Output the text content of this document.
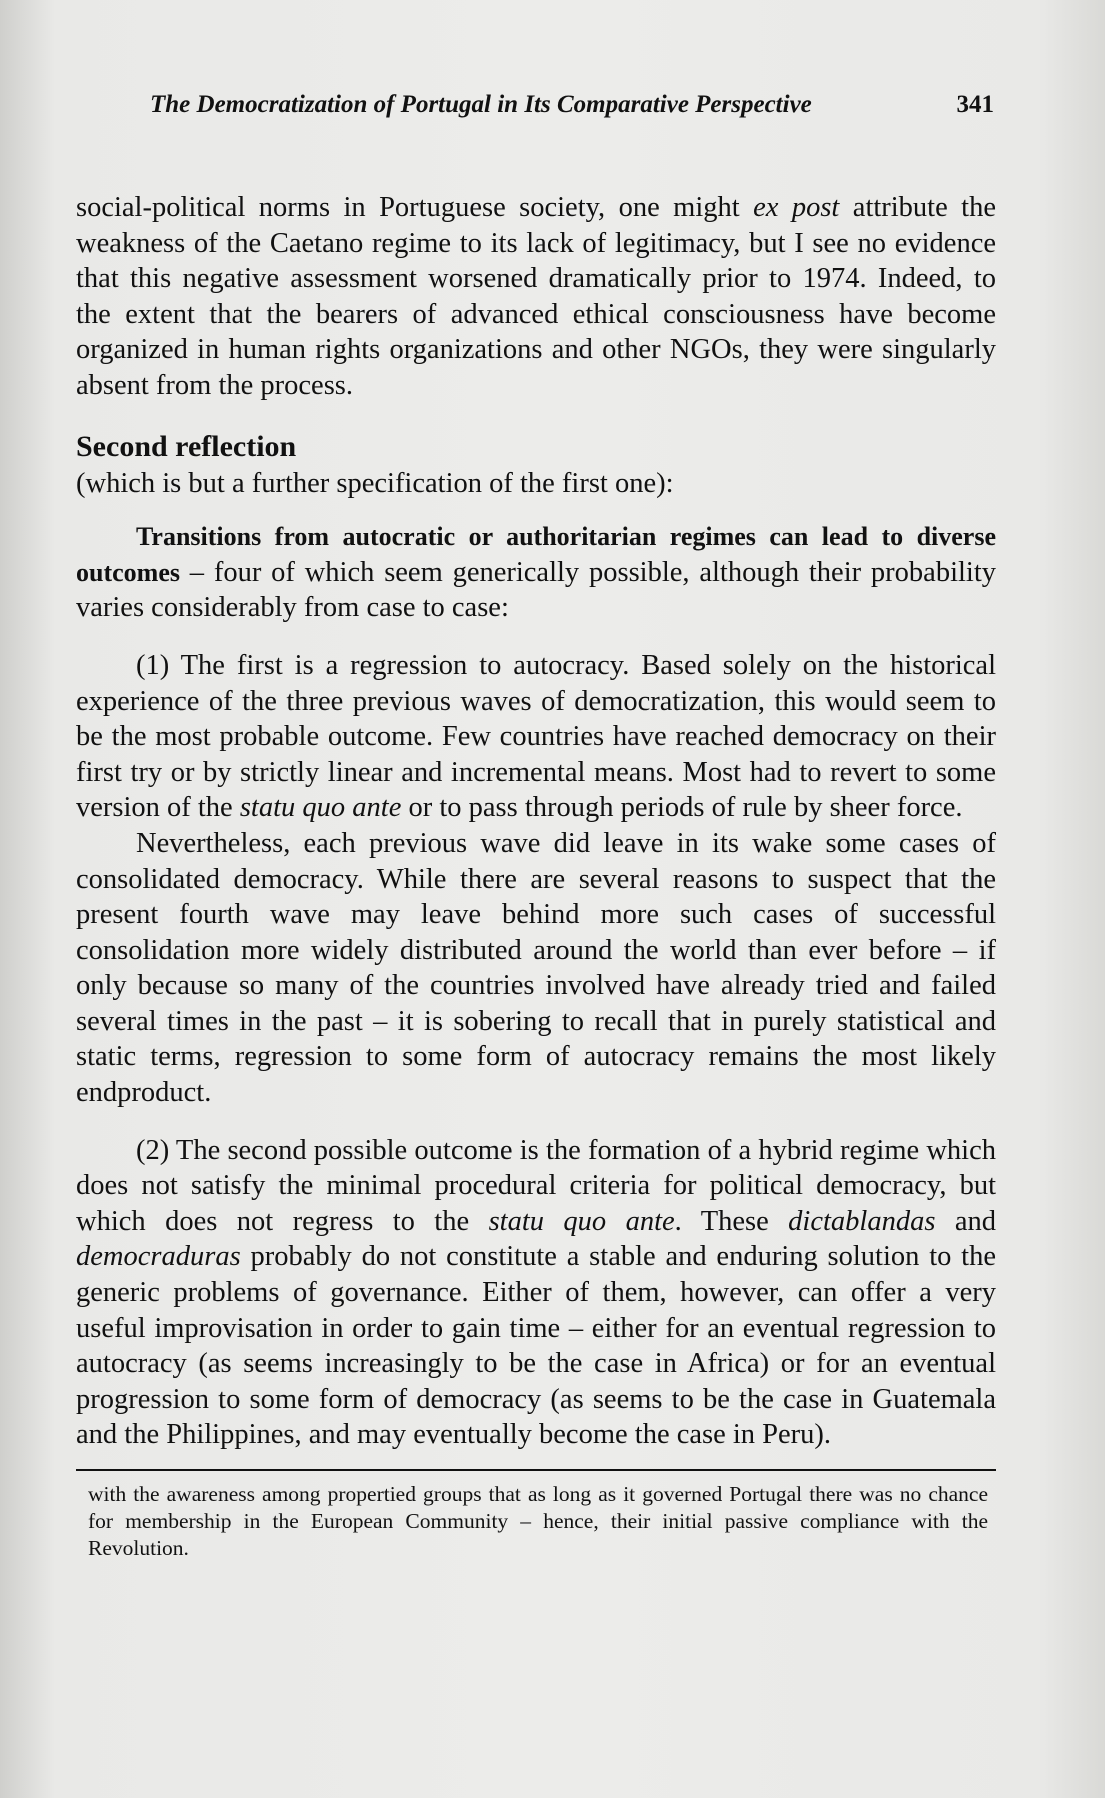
The Democratization of Portugal in Its Comparative Perspective	341

social-political norms in Portuguese society, one might ex post attribute the weakness of the Caetano regime to its lack of legitimacy, but I see no evidence that this negative assessment worsened dramatically prior to 1974. Indeed, to the extent that the bearers of advanced ethical consciousness have become organized in human rights organizations and other NGOs, they were singularly absent from the process.

Second reflection

(which is but a further specification of the first one):

Transitions from autocratic or authoritarian regimes can lead to diverse outcomes – four of which seem generically possible, although their probability varies considerably from case to case:

(1) The first is a regression to autocracy. Based solely on the historical experience of the three previous waves of democratization, this would seem to be the most probable outcome. Few countries have reached democracy on their first try or by strictly linear and incremental means. Most had to revert to some version of the statu quo ante or to pass through periods of rule by sheer force.

Nevertheless, each previous wave did leave in its wake some cases of consolidated democracy. While there are several reasons to suspect that the present fourth wave may leave behind more such cases of successful consolidation more widely distributed around the world than ever before – if only because so many of the countries involved have already tried and failed several times in the past – it is sobering to recall that in purely statistical and static terms, regression to some form of autocracy remains the most likely endproduct.

(2) The second possible outcome is the formation of a hybrid regime which does not satisfy the minimal procedural criteria for political democracy, but which does not regress to the statu quo ante. These dictablandas and democraduras probably do not constitute a stable and enduring solution to the generic problems of governance. Either of them, however, can offer a very useful improvisation in order to gain time – either for an eventual regression to autocracy (as seems increasingly to be the case in Africa) or for an eventual progression to some form of democracy (as seems to be the case in Guatemala and the Philippines, and may eventually become the case in Peru).

with the awareness among propertied groups that as long as it governed Portugal there was no chance for membership in the European Community – hence, their initial passive compliance with the Revolution.
